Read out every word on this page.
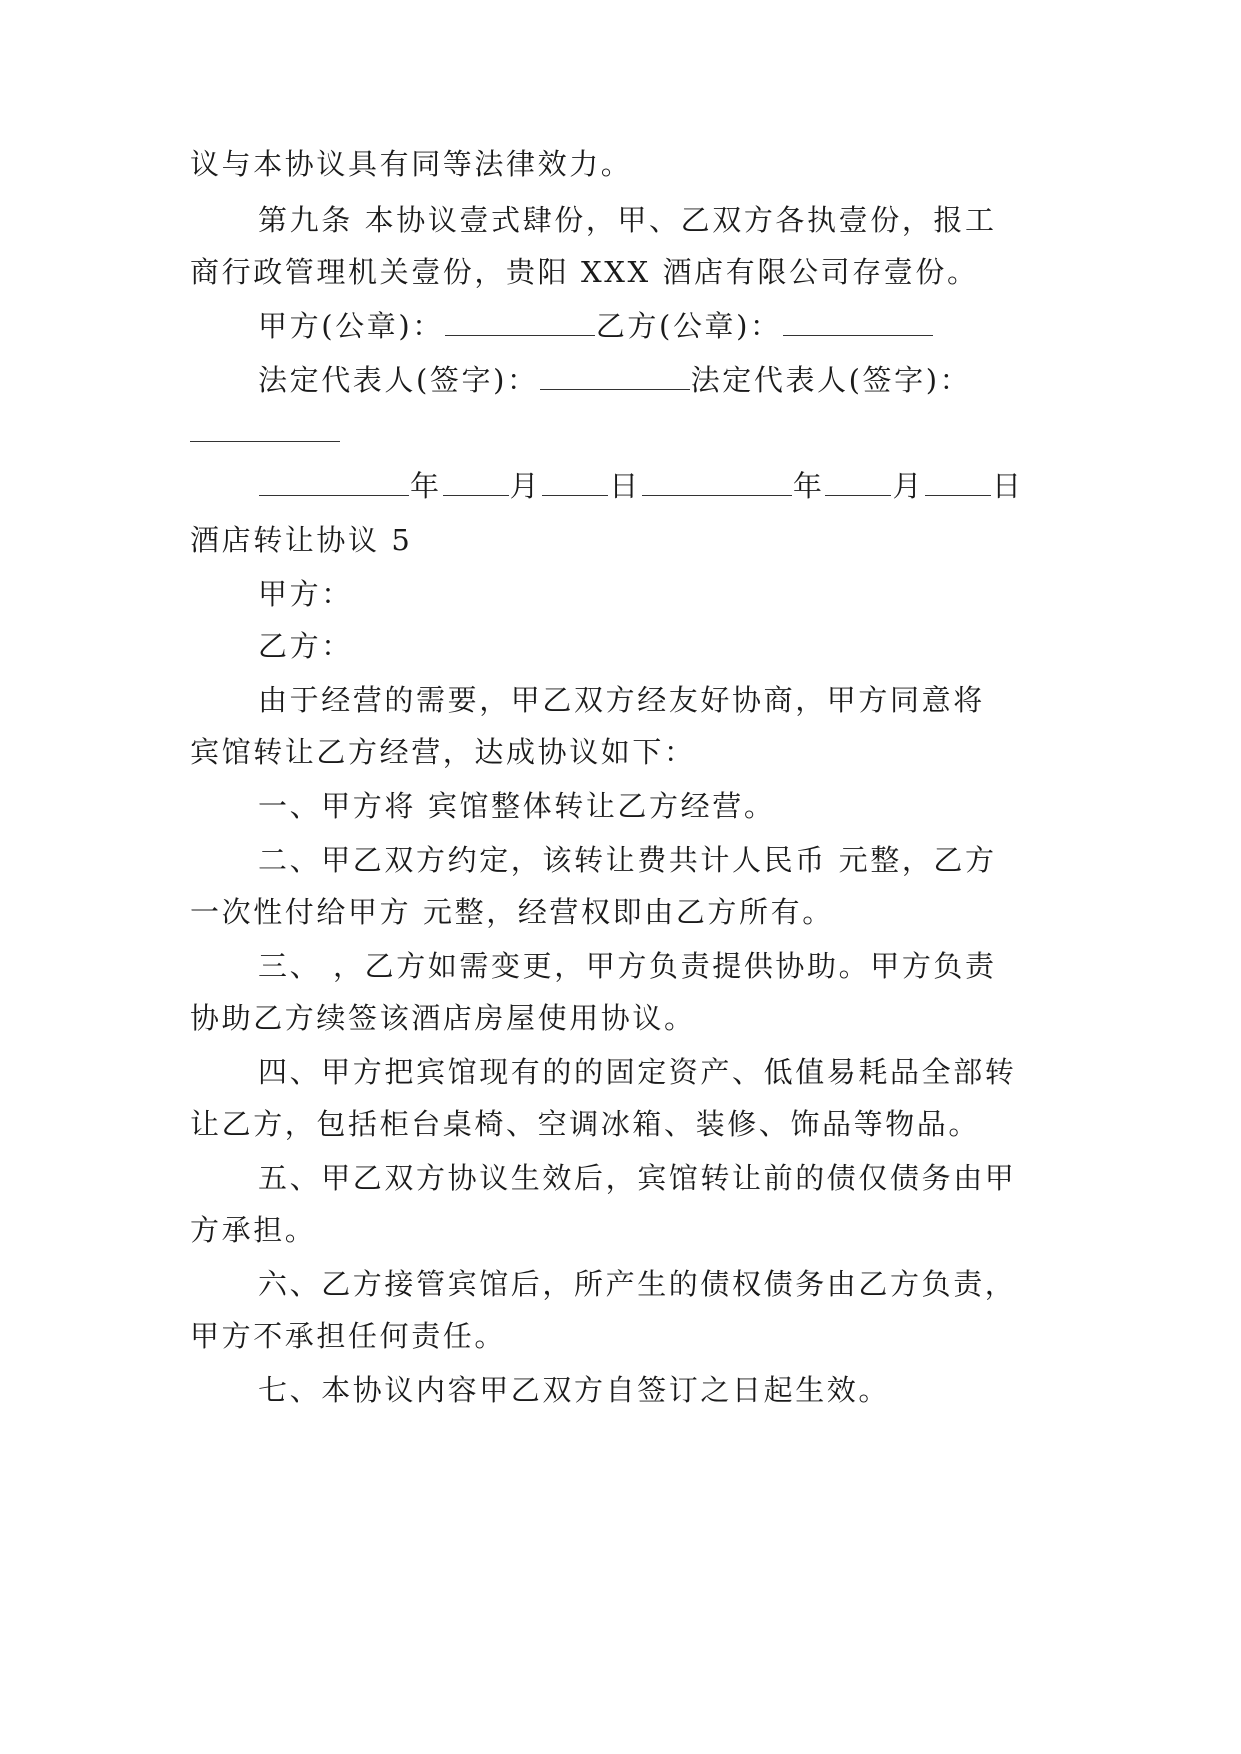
议与本协议具有同等法律效力。
第九条 本协议壹式肆份，甲、乙双方各执壹份，报工
商行政管理机关壹份，贵阳 XXX 酒店有限公司存壹份。
甲方(公章)：	乙方(公章)：
法定代表人(签字)：	法定代表人(签字)：
年 月 日	年 月 日
酒店转让协议 5
甲方：
乙方：
由于经营的需要，甲乙双方经友好协商，甲方同意将
宾馆转让乙方经营，达成协议如下：
一、甲方将 宾馆整体转让乙方经营。
二、甲乙双方约定，该转让费共计人民币 元整，乙方
一次性付给甲方 元整，经营权即由乙方所有。
三、 ，乙方如需变更，甲方负责提供协助。甲方负责
协助乙方续签该酒店房屋使用协议。
四、甲方把宾馆现有的的固定资产、低值易耗品全部转
让乙方，包括柜台桌椅、空调冰箱、装修、饰品等物品。
五、甲乙双方协议生效后，宾馆转让前的债仅债务由甲
方承担。
六、乙方接管宾馆后，所产生的债权债务由乙方负责，
甲方不承担任何责任。
七、本协议内容甲乙双方自签订之日起生效。
